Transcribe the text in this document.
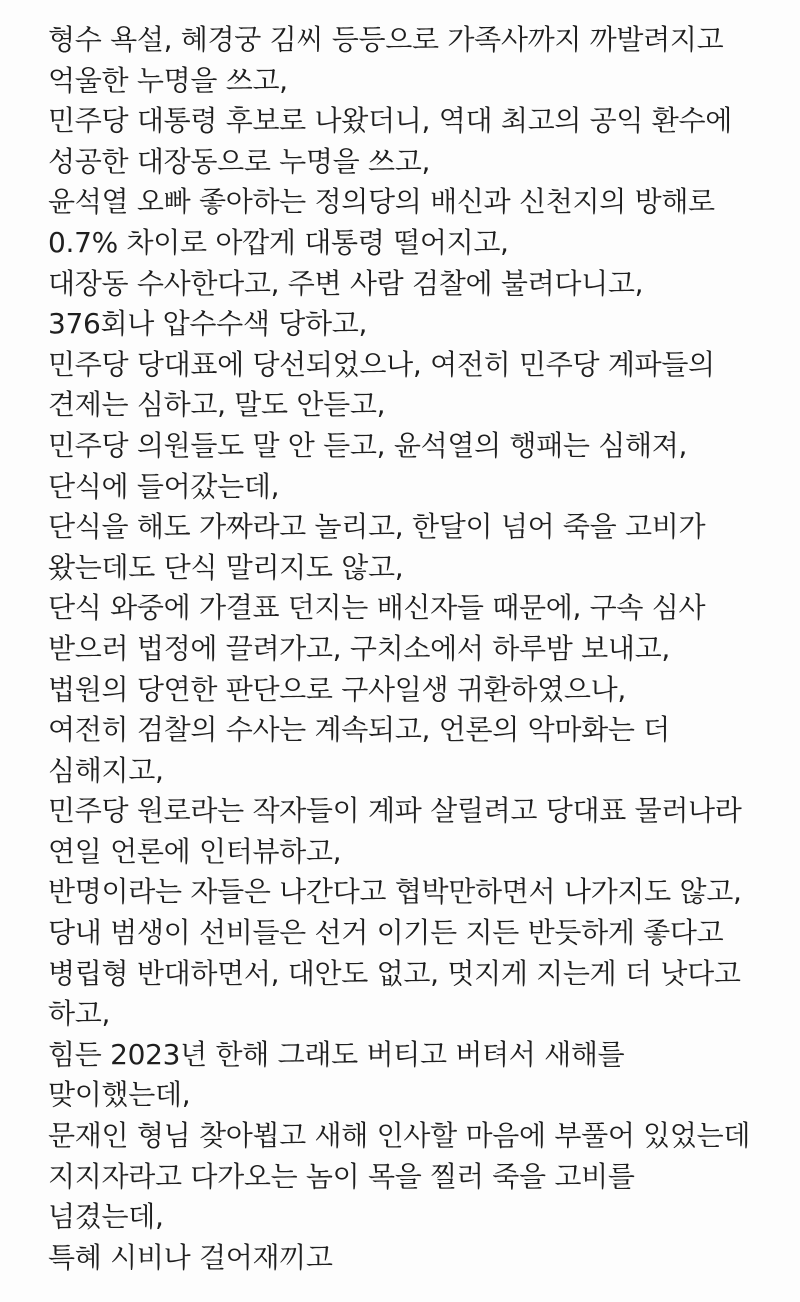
형수 욕설, 혜경궁 김씨 등등으로 가족사까지 까발려지고
억울한 누명을 쓰고,
민주당 대통령 후보로 나왔더니, 역대 최고의 공익 환수에
성공한 대장동으로 누명을 쓰고,
윤석열 오빠 좋아하는 정의당의 배신과 신천지의 방해로
0.7% 차이로 아깝게 대통령 떨어지고,
대장동 수사한다고, 주변 사람 검찰에 불려다니고,
376회나 압수수색 당하고,
민주당 당대표에 당선되었으나, 여전히 민주당 계파들의
견제는 심하고, 말도 안듣고,
민주당 의원들도 말 안 듣고, 윤석열의 행패는 심해져,
단식에 들어갔는데,
단식을 해도 가짜라고 놀리고, 한달이 넘어 죽을 고비가
왔는데도 단식 말리지도 않고,
단식 와중에 가결표 던지는 배신자들 때문에, 구속 심사
받으러 법정에 끌려가고, 구치소에서 하루밤 보내고,
법원의 당연한 판단으로 구사일생 귀환하였으나,
여전히 검찰의 수사는 계속되고, 언론의 악마화는 더
심해지고,
민주당 원로라는 작자들이 계파 살릴려고 당대표 물러나라
연일 언론에 인터뷰하고,
반명이라는 자들은 나간다고 협박만하면서 나가지도 않고,
당내 범생이 선비들은 선거 이기든 지든 반듯하게 좋다고
병립형 반대하면서, 대안도 없고, 멋지게 지는게 더 낫다고
하고,
힘든 2023년 한해 그래도 버티고 버텨서 새해를
맞이했는데,
문재인 형님 찾아뵙고 새해 인사할 마음에 부풀어 있었는데
지지자라고 다가오는 놈이 목을 찔러 죽을 고비를
넘겼는데,
특혜 시비나 걸어재끼고
